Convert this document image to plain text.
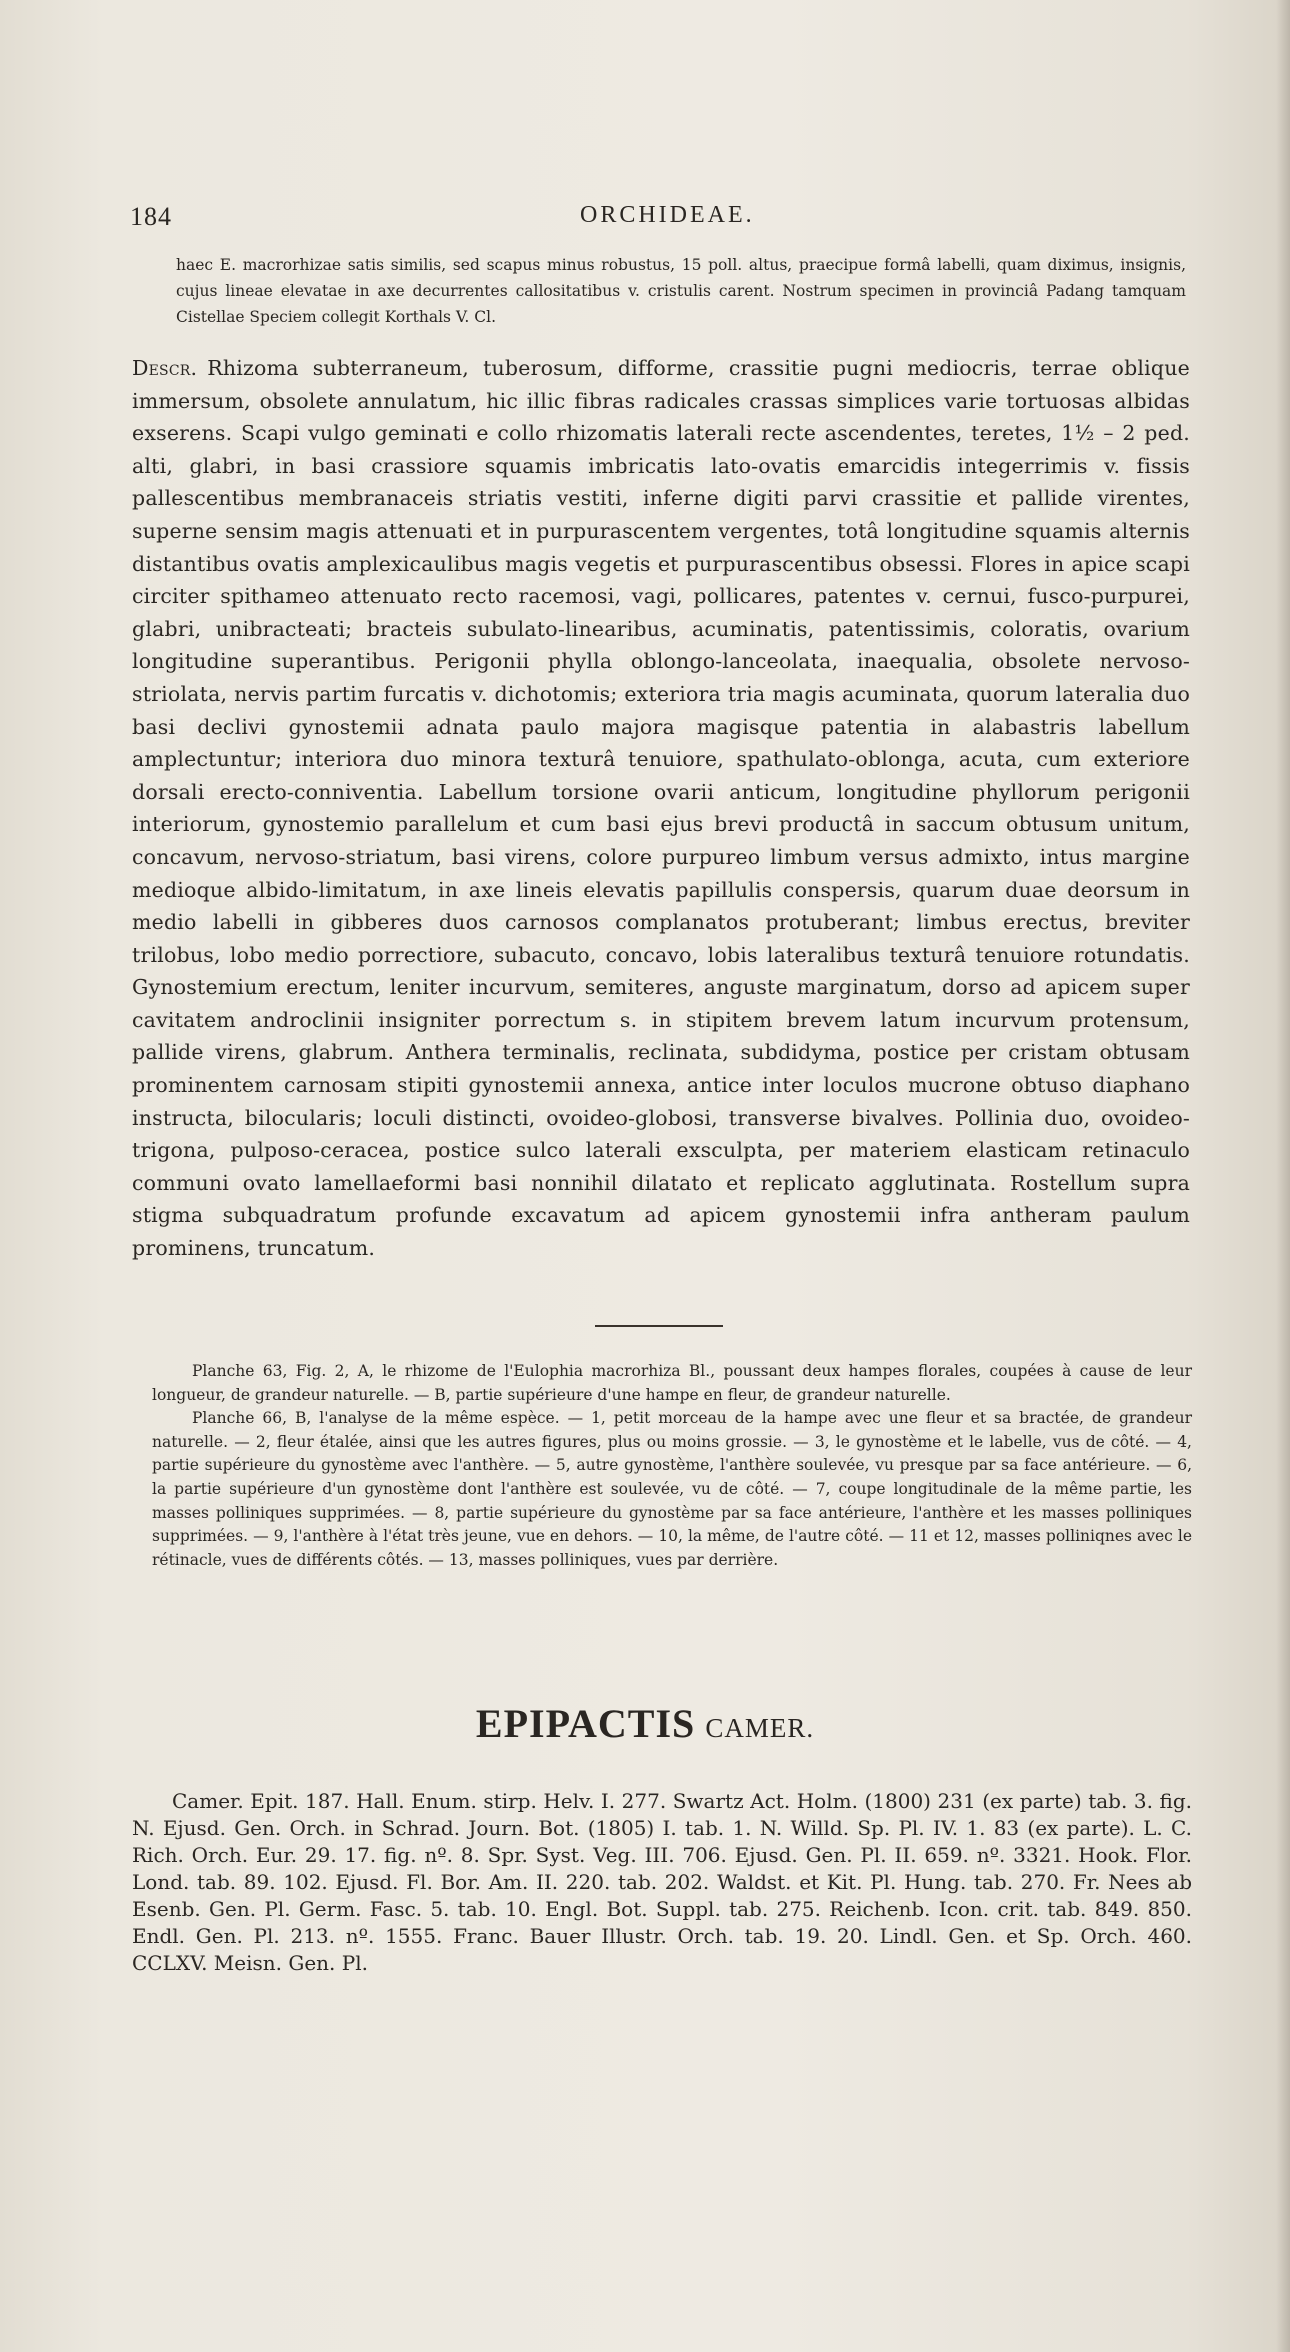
184	ORCHIDEAE.
haec E. macrorhizae satis similis, sed scapus minus robustus, 15 poll. altus, praecipue formâ labelli, quam diximus, insignis, cujus lineae elevatae in axe decurrentes callositatibus v. cristulis carent. Nostrum specimen in provinciâ Padang tamquam Cistellae Speciem collegit Korthals V. Cl.
Descr. Rhizoma subterraneum, tuberosum, difforme, crassitie pugni mediocris, terrae oblique immersum, obsolete annulatum, hic illic fibras radicales crassas simplices varie tortuosas albidas exserens. Scapi vulgo geminati e collo rhizomatis laterali recte ascendentes, teretes, 1½ – 2 ped. alti, glabri, in basi crassiore squamis imbricatis lato-ovatis emarcidis integerrimis v. fissis pallescentibus membranaceis striatis vestiti, inferne digiti parvi crassitie et pallide virentes, superne sensim magis attenuati et in purpurascentem vergentes, totâ longitudine squamis alternis distantibus ovatis amplexicaulibus magis vegetis et purpurascentibus obsessi. Flores in apice scapi circiter spithameo attenuato recto racemosi, vagi, pollicares, patentes v. cernui, fusco-purpurei, glabri, unibracteati; bracteis subulato-linearibus, acuminatis, patentissimis, coloratis, ovarium longitudine superantibus. Perigonii phylla oblongo-lanceolata, inaequalia, obsolete nervoso-striolata, nervis partim furcatis v. dichotomis; exteriora tria magis acuminata, quorum lateralia duo basi declivi gynostemii adnata paulo majora magisque patentia in alabastris labellum amplectuntur; interiora duo minora texturâ tenuiore, spathulato-oblonga, acuta, cum exteriore dorsali erecto-conniventia. Labellum torsione ovarii anticum, longitudine phyllorum perigonii interiorum, gynostemio parallelum et cum basi ejus brevi productâ in saccum obtusum unitum, concavum, nervoso-striatum, basi virens, colore purpureo limbum versus admixto, intus margine medioque albido-limitatum, in axe lineis elevatis papillulis conspersis, quarum duae deorsum in medio labelli in gibberes duos carnosos complanatos protuberant; limbus erectus, breviter trilobus, lobo medio porrectiore, subacuto, concavo, lobis lateralibus texturâ tenuiore rotundatis. Gynostemium erectum, leniter incurvum, semiteres, anguste marginatum, dorso ad apicem super cavitatem androclinii insigniter porrectum s. in stipitem brevem latum incurvum protensum, pallide virens, glabrum. Anthera terminalis, reclinata, subdidyma, postice per cristam obtusam prominentem carnosam stipiti gynostemii annexa, antice inter loculos mucrone obtuso diaphano instructa, bilocularis; loculi distincti, ovoideo-globosi, transverse bivalves. Pollinia duo, ovoideo-trigona, pulposo-ceracea, postice sulco laterali exsculpta, per materiem elasticam retinaculo communi ovato lamellaeformi basi nonnihil dilatato et replicato agglutinata. Rostellum supra stigma subquadratum profunde excavatum ad apicem gynostemii infra antheram paulum prominens, truncatum.

Planche 63, Fig. 2, A, le rhizome de l'Eulophia macrorhiza Bl., poussant deux hampes florales, coupées à cause de leur longueur, de grandeur naturelle. — B, partie supérieure d'une hampe en fleur, de grandeur naturelle.

Planche 66, B, l'analyse de la même espèce. — 1, petit morceau de la hampe avec une fleur et sa bractée, de grandeur naturelle. — 2, fleur étalée, ainsi que les autres figures, plus ou moins grossie. — 3, le gynostème et le labelle, vus de côté. — 4, partie supérieure du gynostème avec l'anthère. — 5, autre gynostème, l'anthère soulevée, vu presque par sa face antérieure. — 6, la partie supérieure d'un gynostème dont l'anthère est soulevée, vu de côté. — 7, coupe longitudinale de la même partie, les masses polliniques supprimées. — 8, partie supérieure du gynostème par sa face antérieure, l'anthère et les masses polliniques supprimées. — 9, l'anthère à l'état très jeune, vue en dehors. — 10, la même, de l'autre côté. — 11 et 12, masses polliniqnes avec le rétinacle, vues de différents côtés. — 13, masses polliniques, vues par derrière.

EPIPACTIS CAMER.
Camer. Epit. 187. Hall. Enum. stirp. Helv. I. 277. Swartz Act. Holm. (1800) 231 (ex parte) tab. 3. fig. N. Ejusd. Gen. Orch. in Schrad. Journ. Bot. (1805) I. tab. 1. N. Willd. Sp. Pl. IV. 1. 83 (ex parte). L. C. Rich. Orch. Eur. 29. 17. fig. nº. 8. Spr. Syst. Veg. III. 706. Ejusd. Gen. Pl. II. 659. nº. 3321. Hook. Flor. Lond. tab. 89. 102. Ejusd. Fl. Bor. Am. II. 220. tab. 202. Waldst. et Kit. Pl. Hung. tab. 270. Fr. Nees ab Esenb. Gen. Pl. Germ. Fasc. 5. tab. 10. Engl. Bot. Suppl. tab. 275. Reichenb. Icon. crit. tab. 849. 850. Endl. Gen. Pl. 213. nº. 1555. Franc. Bauer Illustr. Orch. tab. 19. 20. Lindl. Gen. et Sp. Orch. 460. CCLXV. Meisn. Gen. Pl.
